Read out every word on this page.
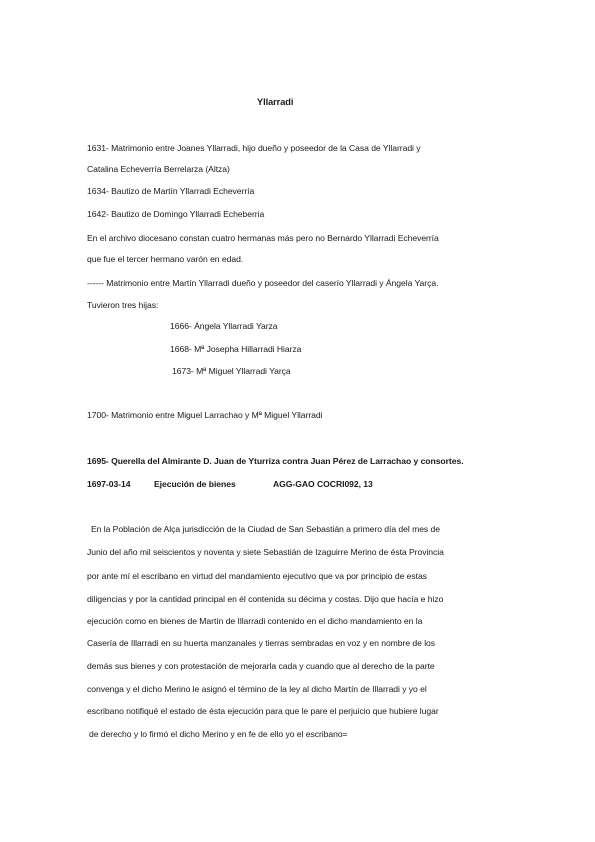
Yllarradi
1631- Matrimonio entre Joanes Yllarradi, hijo dueño y poseedor de la Casa de Yllarradi y
Catalina Echeverría Berrelarza (Altza)
1634- Bautizo de Martín Yllarradi Echeverría
1642- Bautizo de Domingo Yllarradi Echeberria
En el archivo diocesano constan cuatro hermanas más pero no Bernardo Yllarradi Echeverría
que fue el tercer hermano varón en edad.
------ Matrimonio entre Martín Yllarradi dueño y poseedor del caserío Yllarradi y Ángela Yarça.
Tuvieron tres hijas:
1666- Ángela Yllarradi Yarza
1668- Mª Josepha Hillarradi Hiarza
1673- Mª Miguel Yllarradi Yarça
1700- Matrimonio entre Miguel Larrachao y Mª Miguel Yllarradi
1695- Querella del Almirante D. Juan de Yturriza contra Juan Pérez de Larrachao y consortes.
1697-03-14	Ejecución de bienes	AGG-GAO COCRI092, 13
En la Población de Alça jurisdicción de la Ciudad de San Sebastián a primero día del mes de
Junio del año mil seiscientos y noventa y siete Sebastián de Izaguirre Merino de ésta Provincia
por ante mí el escribano en virtud del mandamiento ejecutivo que va por principio de estas
diligencias y por la cantidad principal en él contenida su décima y costas. Dijo que hacía e hizo
ejecución como en bienes de Martín de Illarradi contenido en el dicho mandamiento en la
Casería de Illarradi en su huerta manzanales y tierras sembradas en voz y en nombre de los
demás sus bienes y con protestación de mejorarla cada y cuando que al derecho de la parte
convenga y el dicho Merino le asignó el término de la ley al dicho Martín de Illarradi y yo el
escribano notifiqué el estado de ésta ejecución para que le pare el perjuicio que hubiere lugar
de derecho y lo firmó el dicho Merino y en fe de ello yo el escribano=
